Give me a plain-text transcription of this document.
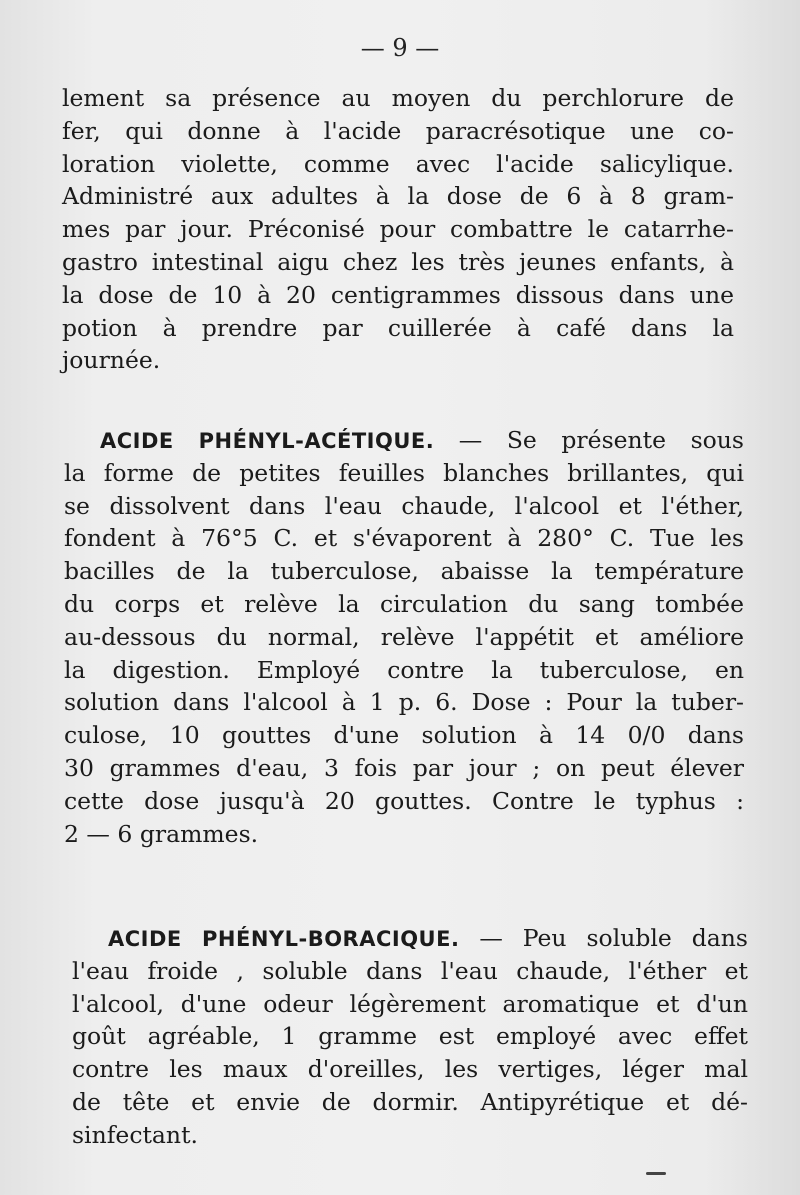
— 9 —

lement sa présence au moyen du perchlorure de
fer, qui donne à l'acide paracrésotique une co-
loration violette, comme avec l'acide salicylique.
Administré aux adultes à la dose de 6 à 8 gram-
mes par jour. Préconisé pour combattre le catarrhe-
gastro intestinal aigu chez les très jeunes enfants, à
la dose de 10 à 20 centigrammes dissous dans une
potion à prendre par cuillerée à café dans la
journée.
ACIDE PHÉNYL-ACÉTIQUE. — Se présente sous
la forme de petites feuilles blanches brillantes, qui
se dissolvent dans l'eau chaude, l'alcool et l'éther,
fondent à 76°5 C. et s'évaporent à 280° C. Tue les
bacilles de la tuberculose, abaisse la température
du corps et relève la circulation du sang tombée
au-dessous du normal, relève l'appétit et améliore
la digestion. Employé contre la tuberculose, en
solution dans l'alcool à 1 p. 6. Dose : Pour la tuber-
culose, 10 gouttes d'une solution à 14 0/0 dans
30 grammes d'eau, 3 fois par jour ; on peut élever
cette dose jusqu'à 20 gouttes. Contre le typhus :
2 — 6 grammes.
ACIDE PHÉNYL-BORACIQUE. — Peu soluble dans
l'eau froide , soluble dans l'eau chaude, l'éther et
l'alcool, d'une odeur légèrement aromatique et d'un
goût agréable, 1 gramme est employé avec effet
contre les maux d'oreilles, les vertiges, léger mal
de tête et envie de dormir. Antipyrétique et dé-
sinfectant.
